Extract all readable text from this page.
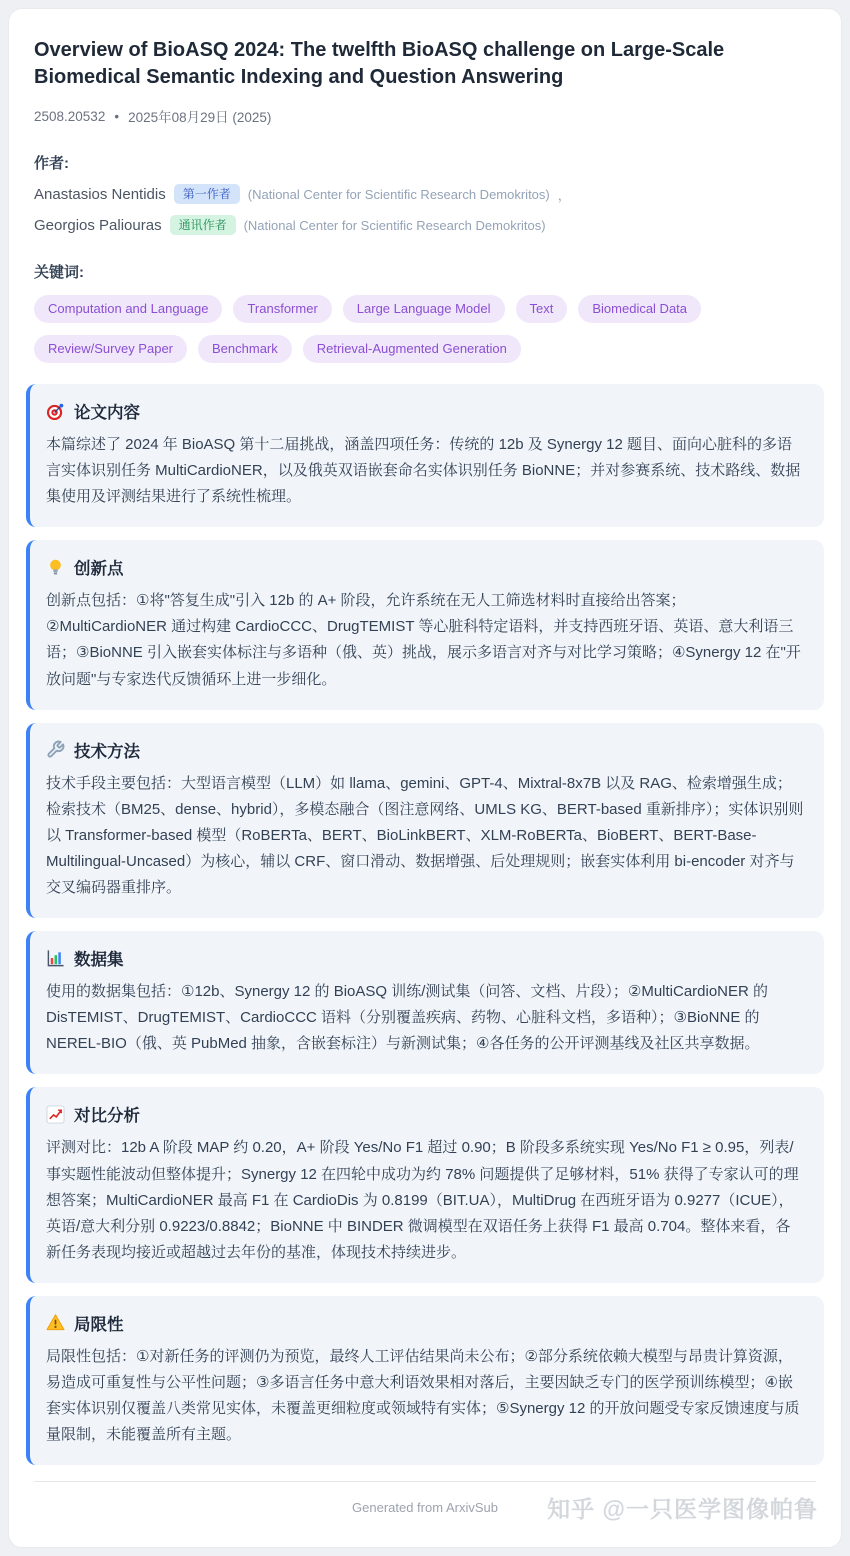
Overview of BioASQ 2024: The twelfth BioASQ challenge on Large-Scale Biomedical Semantic Indexing and Question Answering
2508.20532 • 2025年08月29日 (2025)
作者:
Anastasios Nentidis	第一作者	(National Center for Scientific Research Demokritos) ，
Georgios Paliouras	通讯作者	(National Center for Scientific Research Demokritos)
关键词:
Computation and Language	Transformer	Large Language Model	Text	Biomedical Data
Review/Survey Paper	Benchmark	Retrieval-Augmented Generation
论文内容

本篇综述了 2024 年 BioASQ 第十二届挑战，涵盖四项任务：传统的 12b 及 Synergy 12 题目、面向心脏科的多语言实体识别任务 MultiCardioNER，以及俄英双语嵌套命名实体识别任务 BioNNE；并对参赛系统、技术路线、数据集使用及评测结果进行了系统性梳理。

创新点

创新点包括：①将"答复生成"引入 12b 的 A+ 阶段，允许系统在无人工筛选材料时直接给出答案；②MultiCardioNER 通过构建 CardioCCC、DrugTEMIST 等心脏科特定语料，并支持西班牙语、英语、意大利语三语；③BioNNE 引入嵌套实体标注与多语种（俄、英）挑战，展示多语言对齐与对比学习策略；④Synergy 12 在"开放问题"与专家迭代反馈循环上进一步细化。

技术方法

技术手段主要包括：大型语言模型（LLM）如 llama、gemini、GPT-4、Mixtral-8x7B 以及 RAG、检索增强生成；检索技术（BM25、dense、hybrid），多模态融合（图注意网络、UMLS KG、BERT-based 重新排序）；实体识别则以 Transformer-based 模型（RoBERTa、BERT、BioLinkBERT、XLM-RoBERTa、BioBERT、BERT-Base-Multilingual-Uncased）为核心，辅以 CRF、窗口滑动、数据增强、后处理规则；嵌套实体利用 bi-encoder 对齐与交叉编码器重排序。

数据集

使用的数据集包括：①12b、Synergy 12 的 BioASQ 训练/测试集（问答、文档、片段）；②MultiCardioNER 的 DisTEMIST、DrugTEMIST、CardioCCC 语料（分别覆盖疾病、药物、心脏科文档，多语种）；③BioNNE 的 NEREL-BIO（俄、英 PubMed 抽象，含嵌套标注）与新测试集；④各任务的公开评测基线及社区共享数据。

对比分析

评测对比：12b A 阶段 MAP 约 0.20，A+ 阶段 Yes/No F1 超过 0.90；B 阶段多系统实现 Yes/No F1 ≥ 0.95，列表/事实题性能波动但整体提升；Synergy 12 在四轮中成功为约 78% 问题提供了足够材料，51% 获得了专家认可的理想答案；MultiCardioNER 最高 F1 在 CardioDis 为 0.8199（BIT.UA），MultiDrug 在西班牙语为 0.9277（ICUE），英语/意大利分别 0.9223/0.8842；BioNNE 中 BINDER 微调模型在双语任务上获得 F1 最高 0.704。整体来看，各新任务表现均接近或超越过去年份的基准，体现技术持续进步。

局限性

局限性包括：①对新任务的评测仍为预览，最终人工评估结果尚未公布；②部分系统依赖大模型与昂贵计算资源，易造成可重复性与公平性问题；③多语言任务中意大利语效果相对落后，主要因缺乏专门的医学预训练模型；④嵌套实体识别仅覆盖八类常见实体，未覆盖更细粒度或领域特有实体；⑤Synergy 12 的开放问题受专家反馈速度与质量限制，未能覆盖所有主题。

Generated from ArxivSub 知乎 @一只医学图像帕鲁
